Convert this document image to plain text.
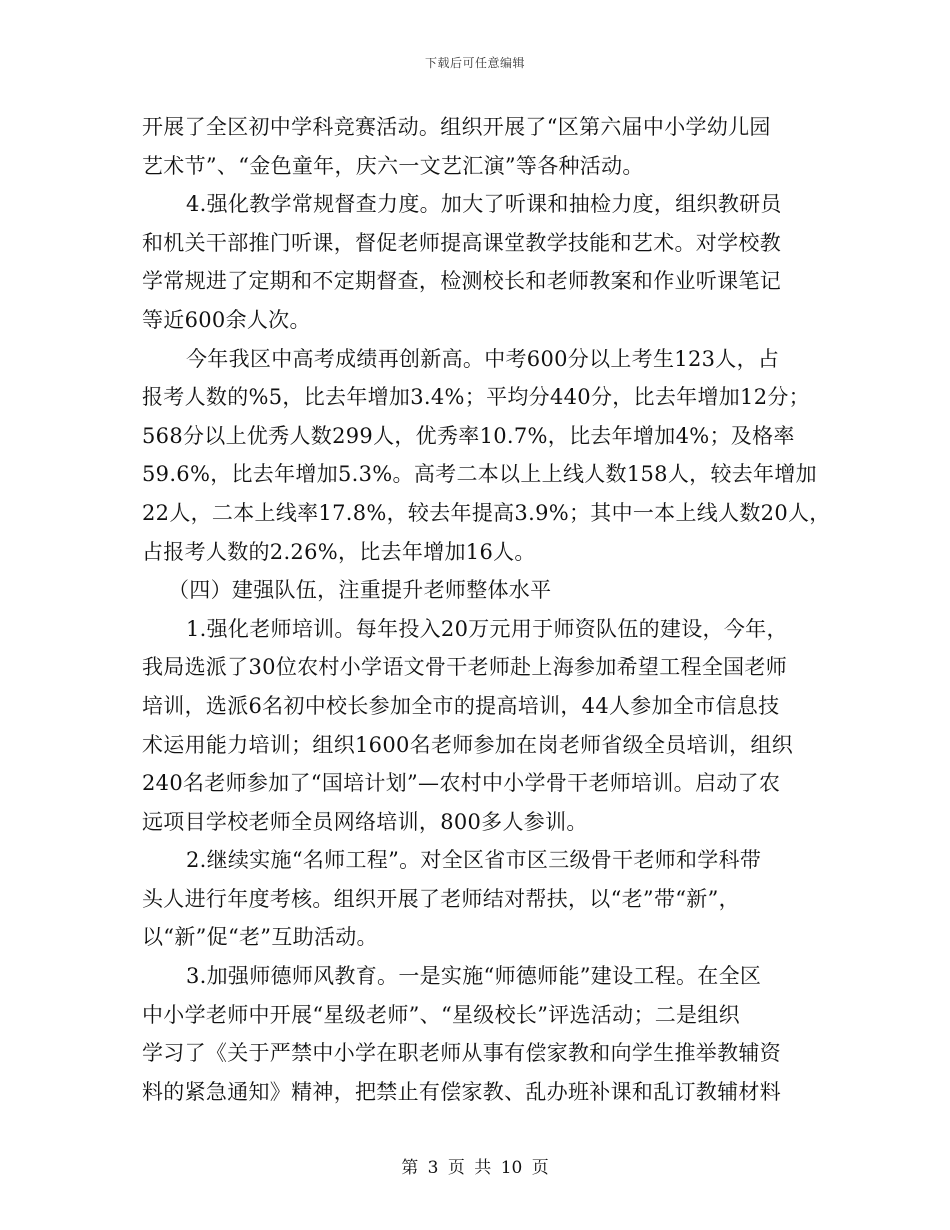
下载后可任意编辑
开展了全区初中学科竞赛活动。组织开展了“区第六届中小学幼儿园
艺术节”、“金色童年，庆六一文艺汇演”等各种活动。
4.强化教学常规督查力度。加大了听课和抽检力度，组织教研员
和机关干部推门听课，督促老师提高课堂教学技能和艺术。对学校教
学常规进了定期和不定期督查，检测校长和老师教案和作业听课笔记
等近600余人次。
今年我区中高考成绩再创新高。中考600分以上考生123人，占
报考人数的%5，比去年增加3.4%；平均分440分，比去年增加12分；
568分以上优秀人数299人，优秀率10.7%，比去年增加4%；及格率
59.6%，比去年增加5.3%。高考二本以上上线人数158人，较去年增加
22人，二本上线率17.8%，较去年提高3.9%；其中一本上线人数20人，
占报考人数的2.26%，比去年增加16人。
（四）建强队伍，注重提升老师整体水平
1.强化老师培训。每年投入20万元用于师资队伍的建设，今年，
我局选派了30位农村小学语文骨干老师赴上海参加希望工程全国老师
培训，选派6名初中校长参加全市的提高培训，44人参加全市信息技
术运用能力培训；组织1600名老师参加在岗老师省级全员培训，组织
240名老师参加了“国培计划”—农村中小学骨干老师培训。启动了农
远项目学校老师全员网络培训，800多人参训。
2.继续实施“名师工程”。对全区省市区三级骨干老师和学科带
头人进行年度考核。组织开展了老师结对帮扶，以“老”带“新”，
以“新”促“老”互助活动。
3.加强师德师风教育。一是实施“师德师能”建设工程。在全区
中小学老师中开展“星级老师”、“星级校长”评选活动；二是组织
学习了《关于严禁中小学在职老师从事有偿家教和向学生推举教辅资
料的紧急通知》精神，把禁止有偿家教、乱办班补课和乱订教辅材料
第 3 页 共 10 页
